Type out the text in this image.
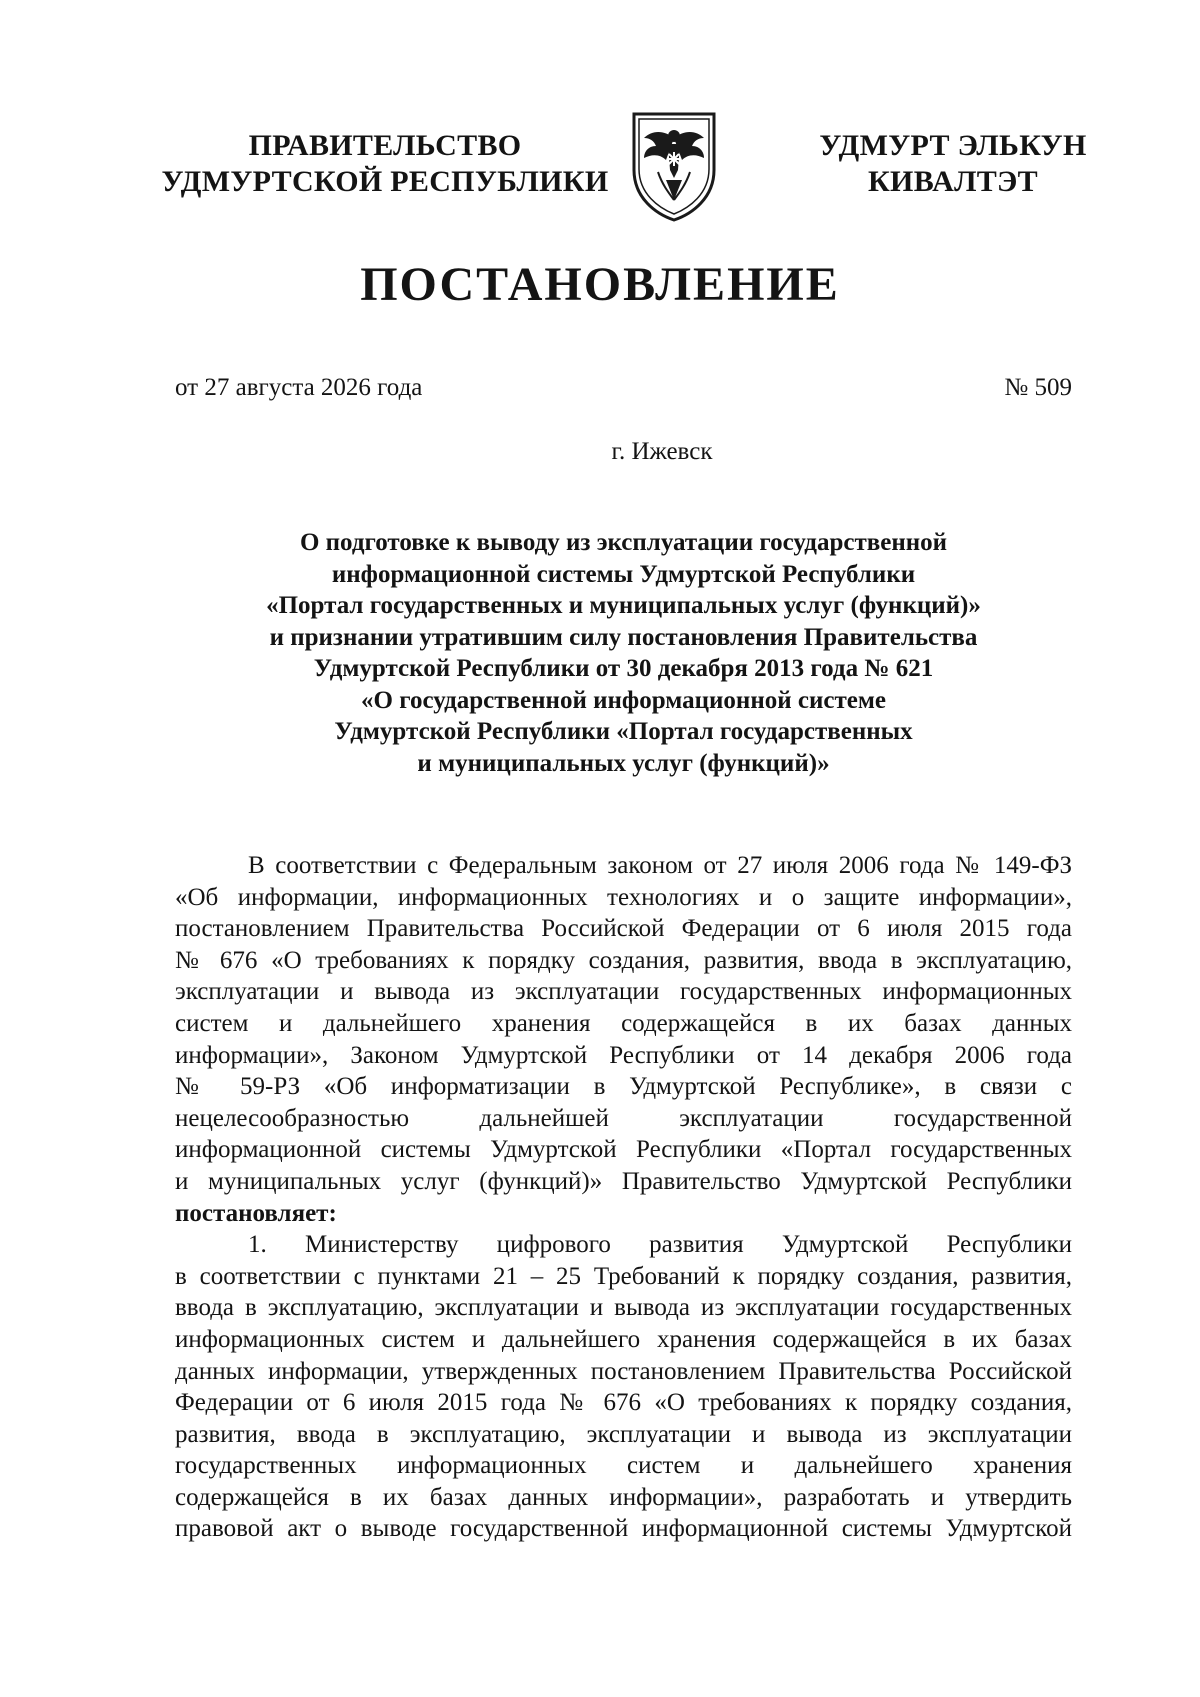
ПРАВИТЕЛЬСТВО
УДМУРТСКОЙ РЕСПУБЛИКИ
УДМУРТ ЭЛЬКУН
КИВАЛТЭТ
ПОСТАНОВЛЕНИЕ
от 27 августа 2026 года	№ 509
г. Ижевск
О подготовке к выводу из эксплуатации государственной
информационной системы Удмуртской Республики
«Портал государственных и муниципальных услуг (функций)»
и признании утратившим силу постановления Правительства
Удмуртской Республики от 30 декабря 2013 года № 621
«О государственной информационной системе
Удмуртской Республики «Портал государственных
и муниципальных услуг (функций)»
В соответствии с Федеральным законом от 27 июля 2006 года № 149-ФЗ
«Об информации, информационных технологиях и о защите информации»,
постановлением Правительства Российской Федерации от 6 июля 2015 года
№ 676 «О требованиях к порядку создания, развития, ввода в эксплуатацию,
эксплуатации и вывода из эксплуатации государственных информационных
систем и дальнейшего хранения содержащейся в их базах данных
информации», Законом Удмуртской Республики от 14 декабря 2006 года
№ 59-РЗ «Об информатизации в Удмуртской Республике», в связи с
нецелесообразностью дальнейшей эксплуатации государственной
информационной системы Удмуртской Республики «Портал государственных
и муниципальных услуг (функций)» Правительство Удмуртской Республики
постановляет:
1. Министерству цифрового развития Удмуртской Республики
в соответствии с пунктами 21 – 25 Требований к порядку создания, развития,
ввода в эксплуатацию, эксплуатации и вывода из эксплуатации государственных
информационных систем и дальнейшего хранения содержащейся в их базах
данных информации, утвержденных постановлением Правительства Российской
Федерации от 6 июля 2015 года № 676 «О требованиях к порядку создания,
развития, ввода в эксплуатацию, эксплуатации и вывода из эксплуатации
государственных информационных систем и дальнейшего хранения
содержащейся в их базах данных информации», разработать и утвердить
правовой акт о выводе государственной информационной системы Удмуртской
